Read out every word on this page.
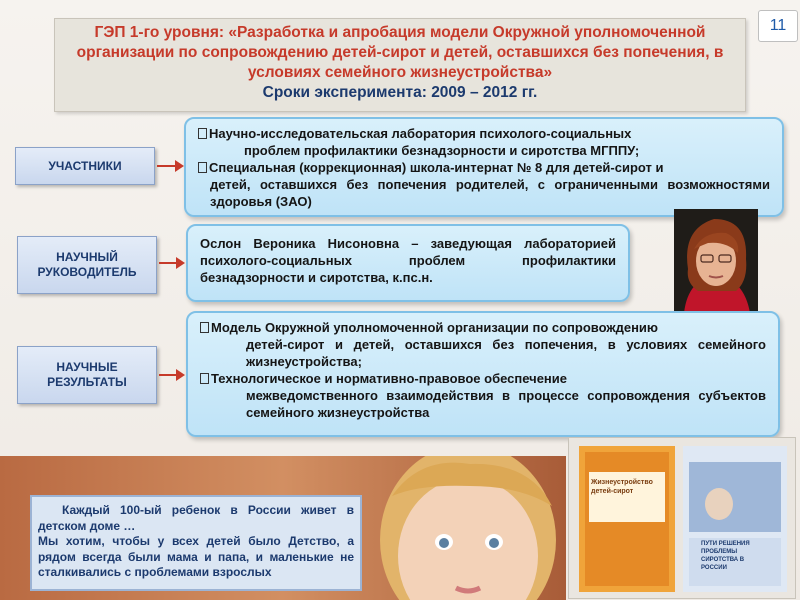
11
ГЭП 1-го уровня: «Разработка и апробация модели Окружной уполномоченной организации по сопровождению детей-сирот и детей, оставшихся без попечения, в условиях семейного жизнеустройства»
Сроки эксперимента: 2009 – 2012 гг.
УЧАСТНИКИ
Научно-исследовательская лаборатория психолого-социальных
проблем профилактики безнадзорности и сиротства МГППУ;
Специальная (коррекционная) школа-интернат № 8 для детей-сирот и
детей, оставшихся без попечения родителей, с ограниченными возможностями здоровья (ЗАО)
НАУЧНЫЙ РУКОВОДИТЕЛЬ
Ослон Вероника Нисоновна – заведующая лабораторией психолого-социальных проблем профилактики безнадзорности и сиротства, к.пс.н.
НАУЧНЫЕ РЕЗУЛЬТАТЫ
Модель Окружной уполномоченной организации по сопровождению
детей-сирот и детей, оставшихся без попечения, в условиях семейного жизнеустройства;
Технологическое и нормативно-правовое обеспечение
межведомственного взаимодействия в процессе сопровождения субъектов семейного жизнеустройства
Жизнеустройство детей-сирот
ПУТИ РЕШЕНИЯ ПРОБЛЕМЫ СИРОТСТВА В РОССИИ
Каждый 100-ый ребенок в России живет в детском доме …
Мы хотим, чтобы у всех детей было Детство, а рядом всегда были мама и папа, и маленькие не сталкивались с проблемами взрослых
